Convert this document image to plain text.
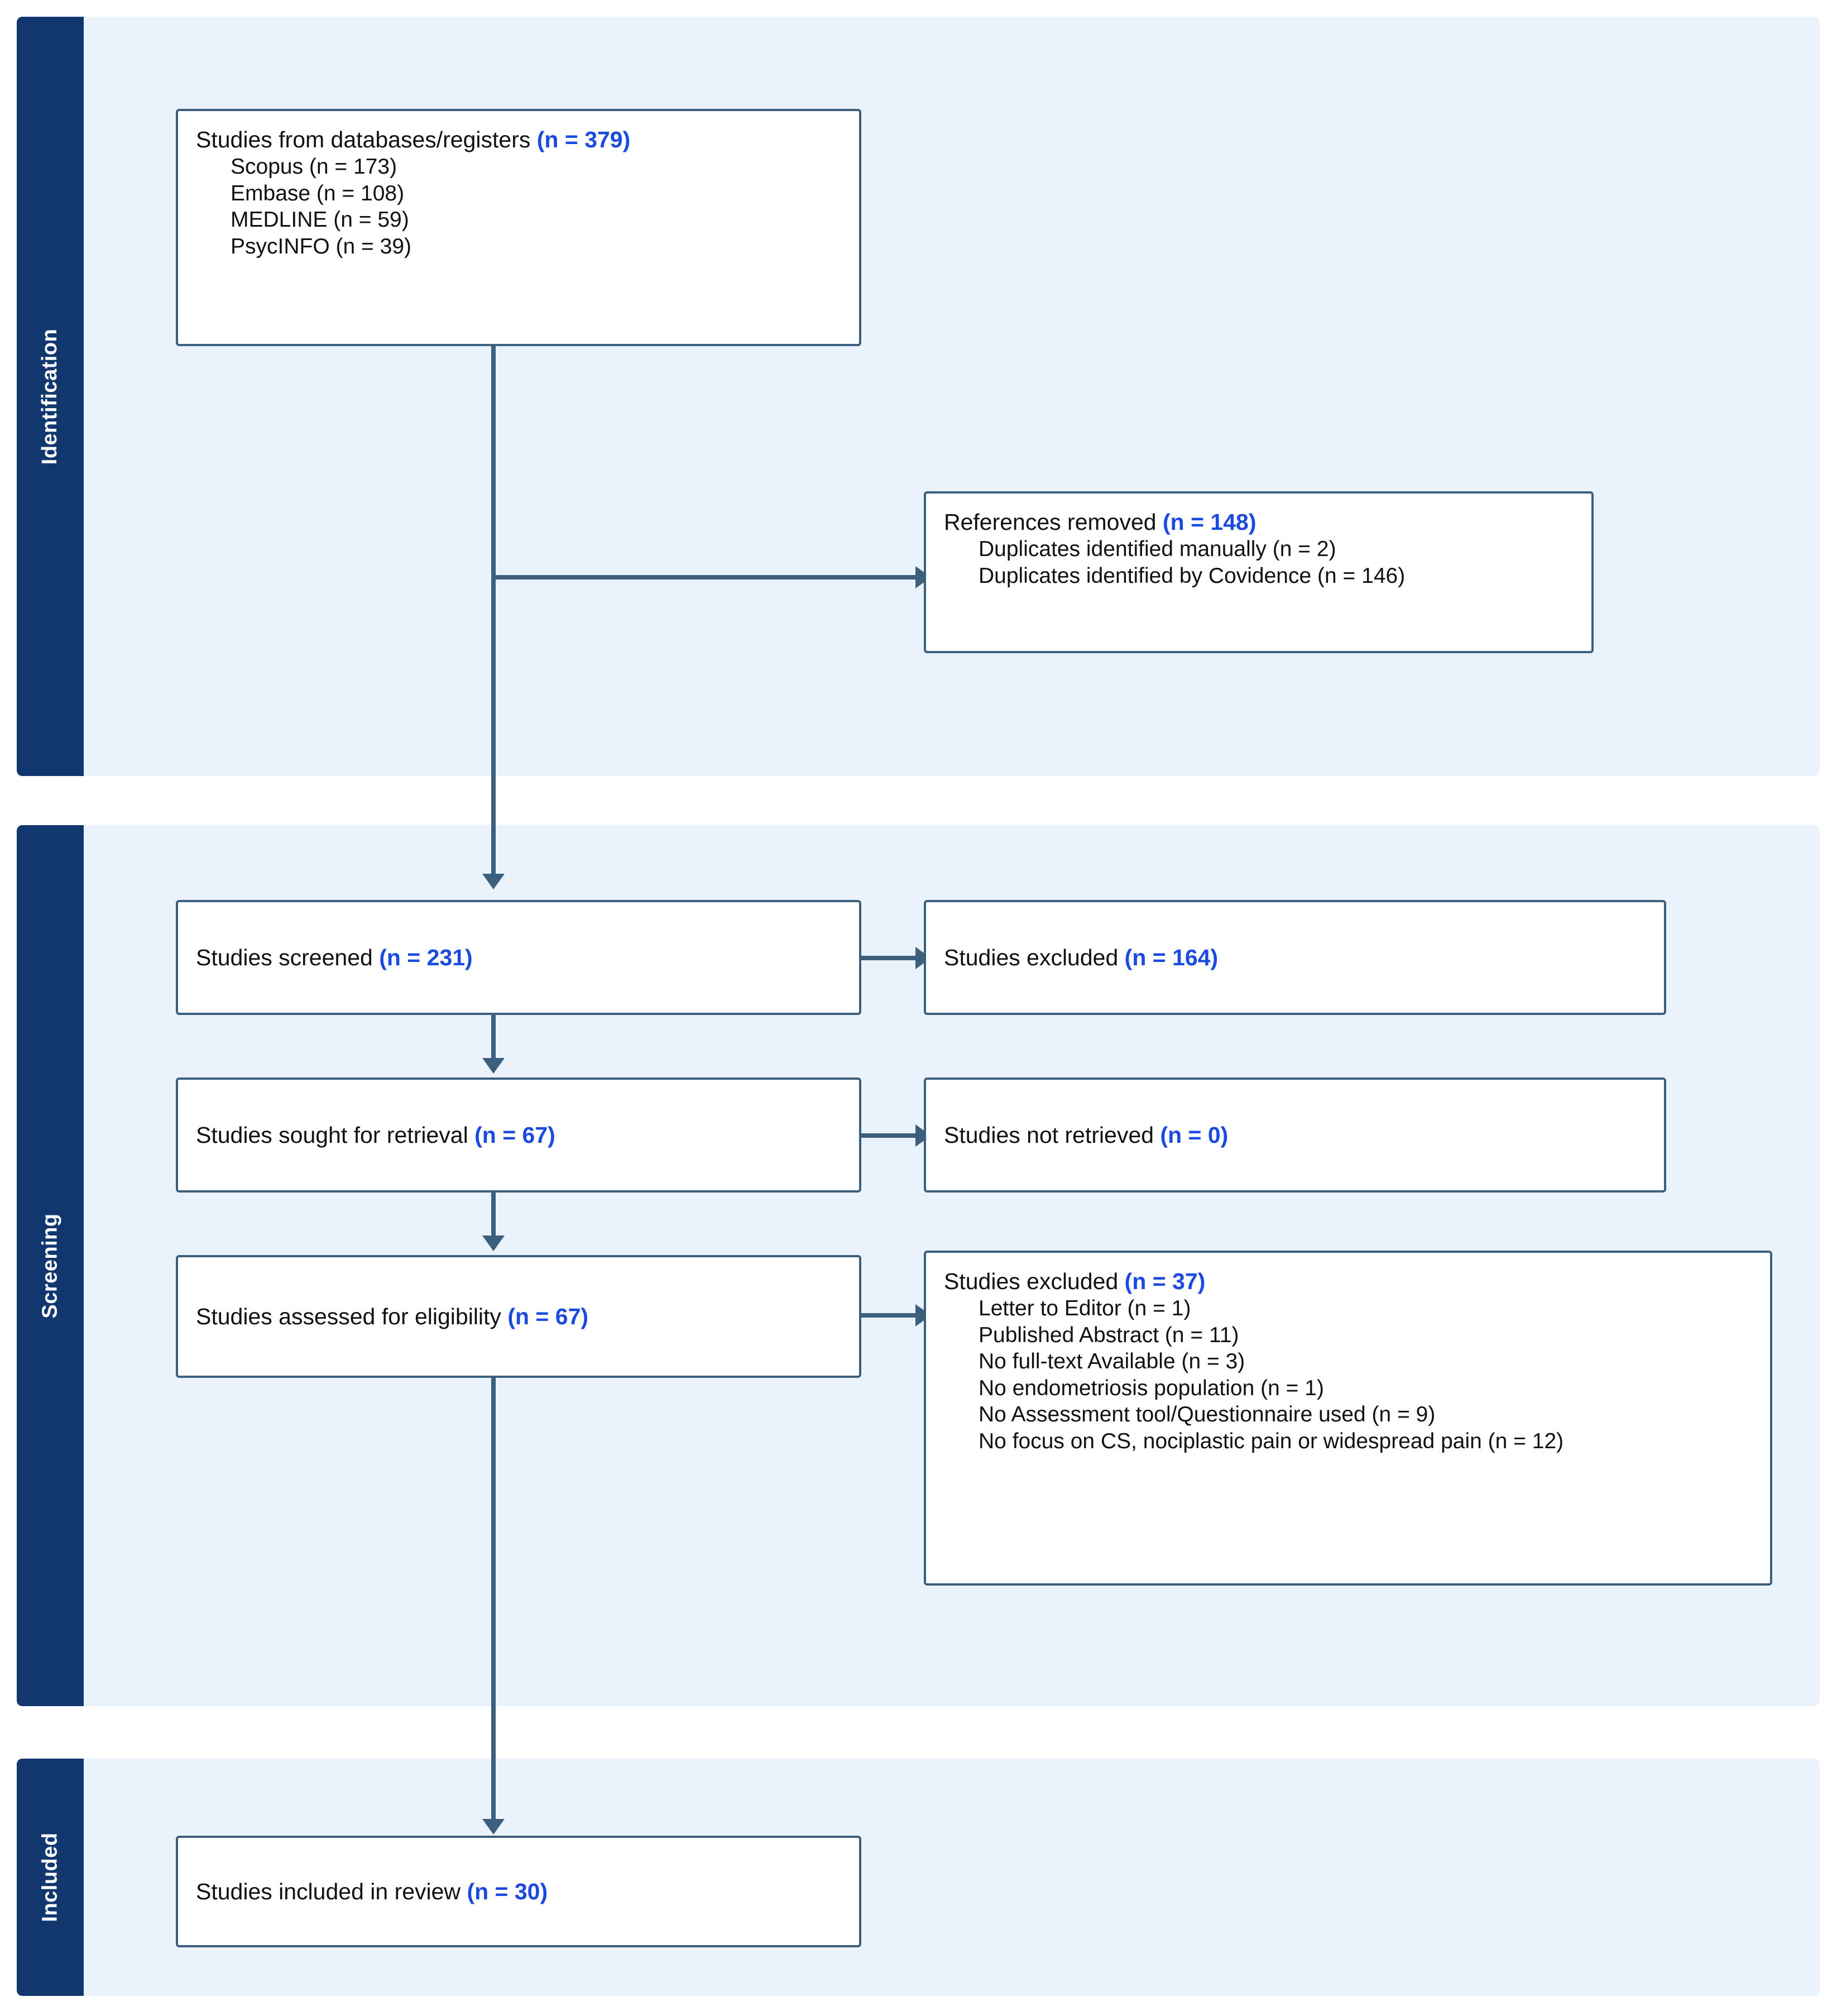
Identification
Screening
Included
Studies from databases/registers (n = 379)
Scopus (n = 173)
Embase (n = 108)
MEDLINE (n = 59)
PsycINFO (n = 39)
References removed (n = 148)
Duplicates identified manually (n = 2)
Duplicates identified by Covidence (n = 146)
Studies screened (n = 231)	Studies excluded (n = 164)
Studies sought for retrieval (n = 67)	Studies not retrieved (n = 0)
Studies assessed for eligibility (n = 67)
Studies excluded (n = 37)
Letter to Editor (n = 1)
Published Abstract (n = 11)
No full-text Available (n = 3)
No endometriosis population (n = 1)
No Assessment tool/Questionnaire used (n = 9)
No focus on CS, nociplastic pain or widespread pain (n = 12)
Studies included in review (n = 30)
